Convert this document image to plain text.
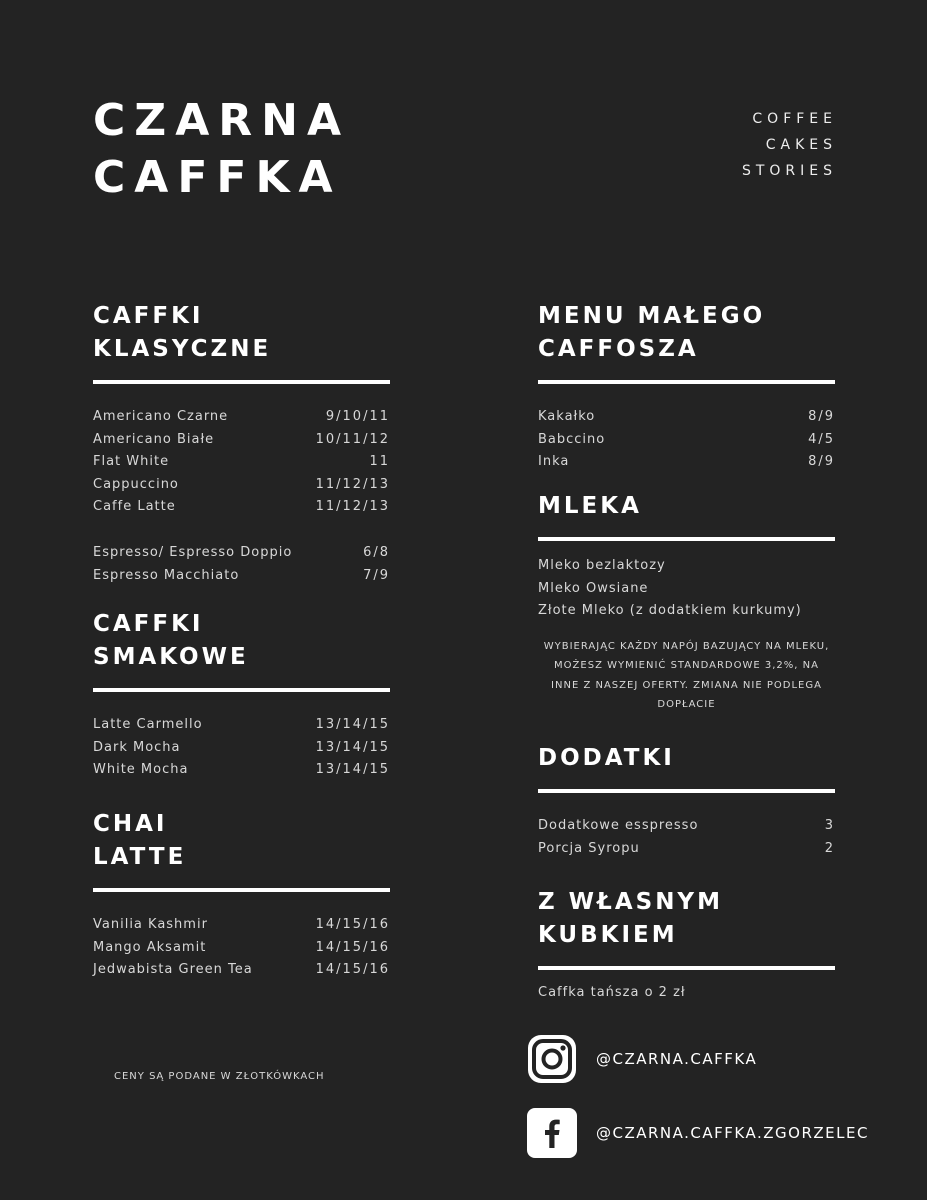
CZARNA
CAFFKA
COFFEE
CAKES
STORIES
CAFFKI
KLASYCZNE
Americano Czarne	9/10/11
Americano Białe	10/11/12
Flat White	11
Cappuccino	11/12/13
Caffe Latte	11/12/13
Espresso/ Espresso Doppio	6/8
Espresso Macchiato	7/9
CAFFKI
SMAKOWE
Latte Carmello	13/14/15
Dark Mocha	13/14/15
White Mocha	13/14/15
CHAI
LATTE
Vanilia Kashmir	14/15/16
Mango Aksamit	14/15/16
Jedwabista Green Tea	14/15/16
CENY SĄ PODANE W ZŁOTKÓWKACH
MENU MAŁEGO
CAFFOSZA
Kakałko	8/9
Babccino	4/5
Inka	8/9
MLEKA
Mleko bezlaktozy
Mleko Owsiane
Złote Mleko (z dodatkiem kurkumy)
WYBIERAJĄC KAŻDY NAPÓJ BAZUJĄCY NA MLEKU, MOŻESZ WYMIENIĆ STANDARDOWE 3,2%, NA INNE Z NASZEJ OFERTY. ZMIANA NIE PODLEGA DOPŁACIE
DODATKI
Dodatkowe esspresso	3
Porcja Syropu	2
Z WŁASNYM
KUBKIEM
Caffka tańsza o 2 zł
@CZARNA.CAFFKA
@CZARNA.CAFFKA.ZGORZELEC
